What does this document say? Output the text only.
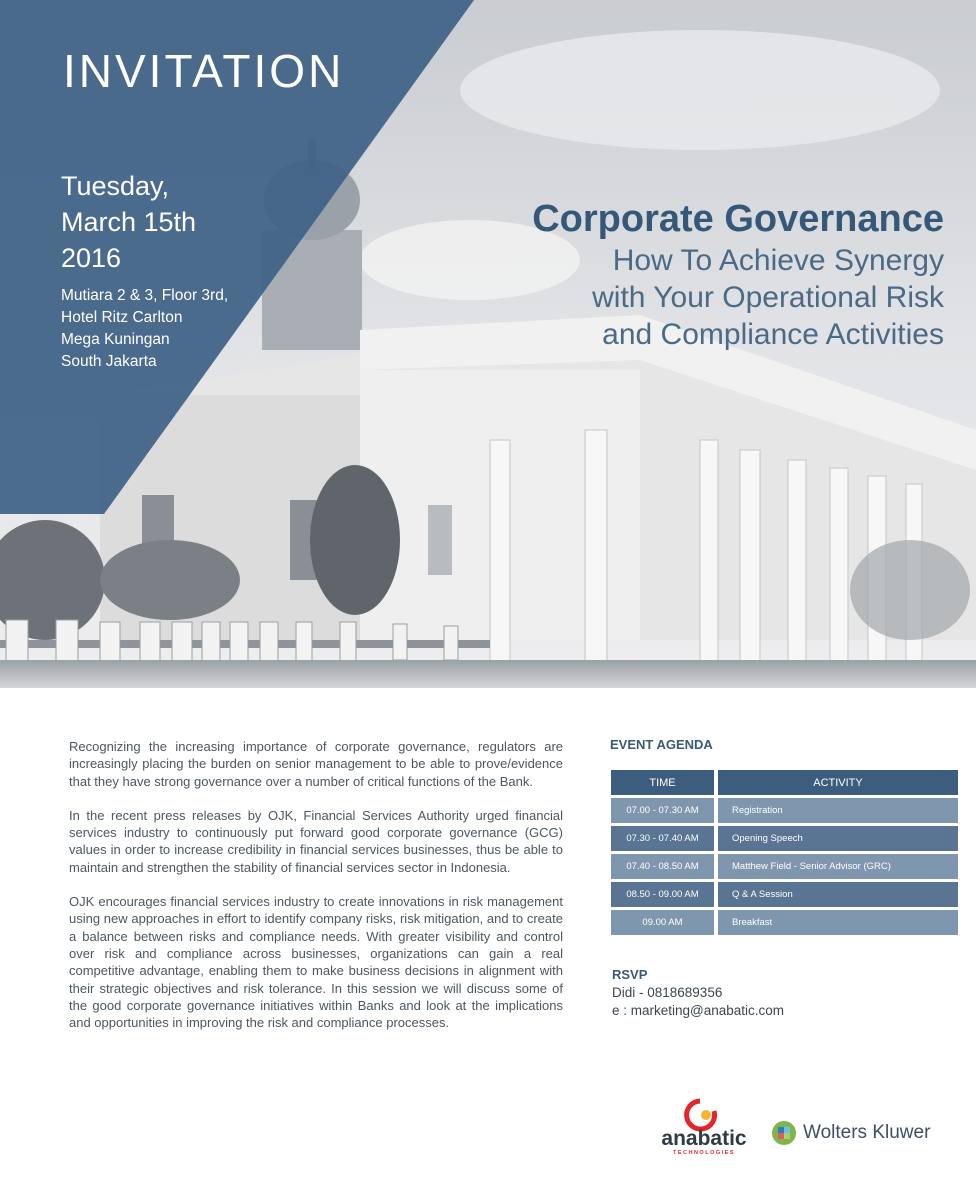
INVITATION
Tuesday,
March 15th
2016
Mutiara 2 & 3, Floor 3rd,
Hotel Ritz Carlton
Mega Kuningan
South Jakarta
Corporate Governance
How To Achieve Synergy
with Your Operational Risk
and Compliance Activities

Recognizing the increasing importance of corporate governance, regulators are increasingly placing the burden on senior management to be able to prove/evidence that they have strong governance over a number of critical functions of the Bank.

In the recent press releases by OJK, Financial Services Authority urged financial services industry to continuously put forward good corporate governance (GCG) values in order to increase credibility in financial services businesses, thus be able to maintain and strengthen the stability of financial services sector in Indonesia.

OJK encourages financial services industry to create innovations in risk management using new approaches in effort to identify company risks, risk mitigation, and to create a balance between risks and compliance needs. With greater visibility and control over risk and compliance across businesses, organizations can gain a real competitive advantage, enabling them to make business decisions in alignment with their strategic objectives and risk tolerance. In this session we will discuss some of the good corporate governance initiatives within Banks and look at the implications and opportunities in improving the risk and compliance processes.

EVENT AGENDA
TIME	ACTIVITY
07.00 - 07.30 AM	Registration
07.30 - 07.40 AM	Opening Speech
07.40 - 08.50 AM	Matthew Field - Senior Advisor (GRC)
08.50 - 09.00 AM	Q & A Session
09.00 AM	Breakfast
RSVP
Didi - 0818689356
e : marketing@anabatic.com
anabatic
TECHNOLOGIES
Wolters Kluwer
